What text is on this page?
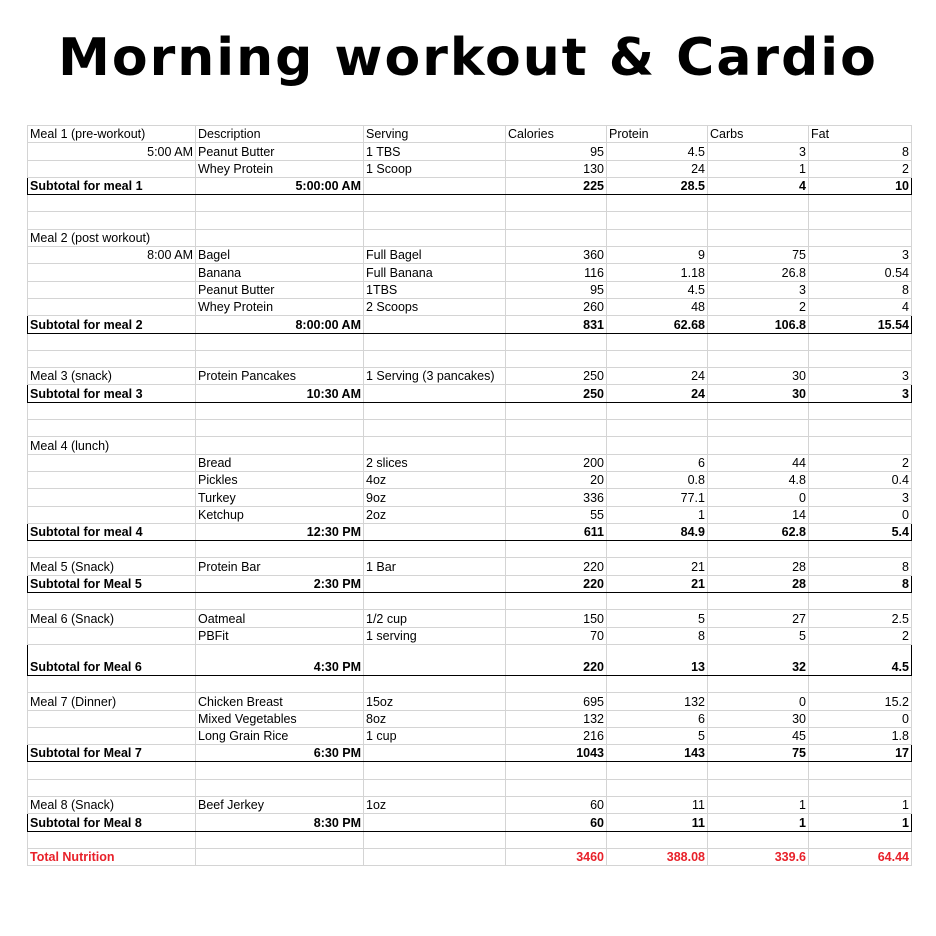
Morning workout & Cardio
Meal 1 (pre-workout)	Description	Serving	Calories	Protein	Carbs	Fat
5:00 AM	Peanut Butter	1 TBS	95	4.5	3	8
	Whey Protein	1 Scoop	130	24	1	2
Subtotal for meal 1	5:00:00 AM		225	28.5	4	10

Meal 2 (post workout)						
8:00 AM	Bagel	Full Bagel	360	9	75	3
	Banana	Full Banana	116	1.18	26.8	0.54
	Peanut Butter	1TBS	95	4.5	3	8
	Whey Protein	2 Scoops	260	48	2	4
Subtotal for meal 2	8:00:00 AM		831	62.68	106.8	15.54

Meal 3 (snack)	Protein Pancakes	1 Serving (3 pancakes)	250	24	30	3
Subtotal for meal 3	10:30 AM		250	24	30	3

Meal 4 (lunch)						
	Bread	2 slices	200	6	44	2
	Pickles	4oz	20	0.8	4.8	0.4
	Turkey	9oz	336	77.1	0	3
	Ketchup	2oz	55	1	14	0
Subtotal for meal 4	12:30 PM		611	84.9	62.8	5.4

Meal 5 (Snack)	Protein Bar	1 Bar	220	21	28	8
Subtotal for Meal 5	2:30 PM		220	21	28	8

Meal 6 (Snack)	Oatmeal	1/2 cup	150	5	27	2.5
	PBFit	1 serving	70	8	5	2
Subtotal for Meal 6	4:30 PM		220	13	32	4.5

Meal 7 (Dinner)	Chicken Breast	15oz	695	132	0	15.2
	Mixed Vegetables	8oz	132	6	30	0
	Long Grain Rice	1 cup	216	5	45	1.8
Subtotal for Meal 7	6:30 PM		1043	143	75	17

Meal 8 (Snack)	Beef Jerkey	1oz	60	11	1	1
Subtotal for Meal 8	8:30 PM		60	11	1	1

Total Nutrition			3460	388.08	339.6	64.44
